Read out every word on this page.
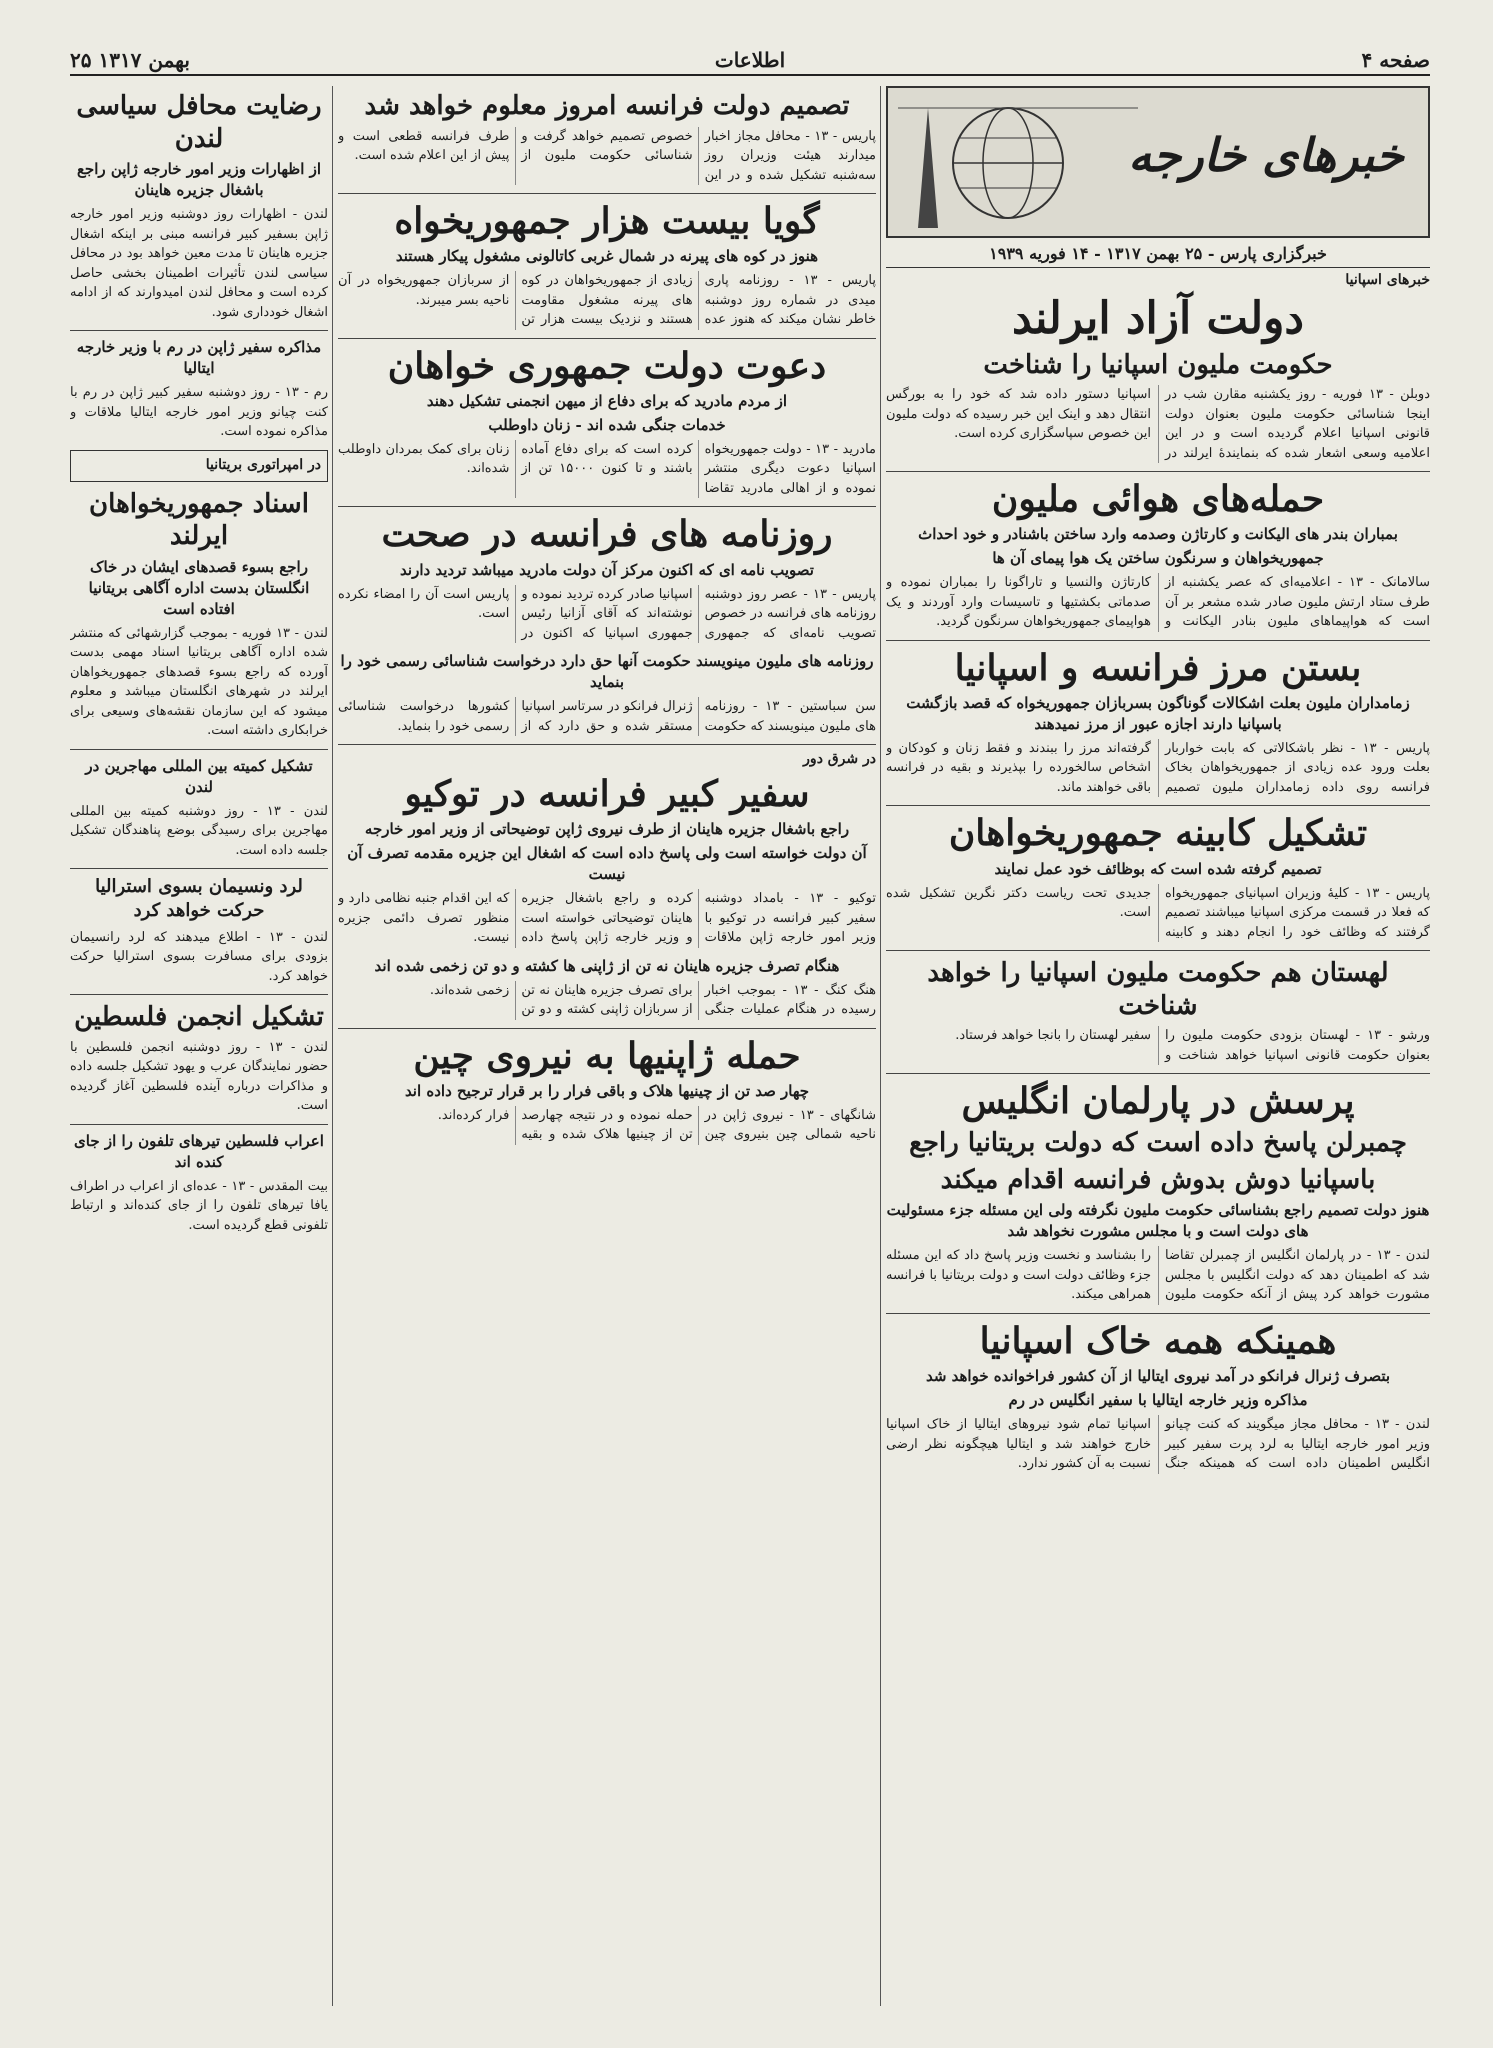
۲۵ بهمن ۱۳۱۷	اطلاعات	صفحه ۴
خبرهای خارجه
خبرگزاری پارس - ۲۵ بهمن ۱۳۱۷ - ۱۴ فوریه ۱۹۳۹
خبرهای اسپانیا
دولت آزاد ایرلند
حکومت ملیون اسپانیا را شناخت
دوبلن - ۱۳ فوریه - روز یکشنبه مقارن شب در اینجا شناسائی حکومت ملیون بعنوان دولت قانونی اسپانیا اعلام گردیده است و در این اعلامیه وسعی اشعار شده که بنمایندهٔ ایرلند در اسپانیا دستور داده شد که خود را به بورگس انتقال دهد و اینک این خبر رسیده که دولت ملیون این خصوص سپاسگزاری کرده است.
حمله‌های هوائی ملیون
بمباران بندر های الیکانت و کارتاژن وصدمه وارد ساختن باشنادر و خود احداث
جمهوریخواهان و سرنگون ساختن یک هوا پیمای آن ها
سالامانک - ۱۳ - اعلامیه‌ای که عصر یکشنبه از طرف ستاد ارتش ملیون صادر شده مشعر بر آن است که هواپیماهای ملیون بنادر الیکانت و کارتاژن والنسیا و تاراگونا را بمباران نموده و صدماتی بکشتیها و تاسیسات وارد آوردند و یک هواپیمای جمهوریخواهان سرنگون گردید.
بستن مرز فرانسه و اسپانیا
زمامداران ملیون بعلت اشکالات گوناگون بسربازان جمهوریخواه که قصد بازگشت باسپانیا دارند اجازه عبور از مرز نمیدهند
پاریس - ۱۳ - نظر باشکالاتی که بابت خواربار بعلت ورود عده زیادی از جمهوریخواهان بخاک فرانسه روی داده زمامداران ملیون تصمیم گرفته‌اند مرز را ببندند و فقط زنان و کودکان و اشخاص سالخورده را بپذیرند و بقیه در فرانسه باقی خواهند ماند.
تشکیل کابینه جمهوریخواهان
تصمیم گرفته شده است که بوظائف خود عمل نمایند
پاریس - ۱۳ - کلیهٔ وزیران اسپانیای جمهوریخواه که فعلا در قسمت مرکزی اسپانیا میباشند تصمیم گرفتند که وظائف خود را انجام دهند و کابینه جدیدی تحت ریاست دکتر نگرین تشکیل شده است.
لهستان هم حکومت ملیون اسپانیا را خواهد شناخت
ورشو - ۱۳ - لهستان بزودی حکومت ملیون را بعنوان حکومت قانونی اسپانیا خواهد شناخت و سفیر لهستان را بانجا خواهد فرستاد.
پرسش در پارلمان انگلیس
چمبرلن پاسخ داده است که دولت بریتانیا راجع
باسپانیا دوش بدوش فرانسه اقدام میکند
هنوز دولت تصمیم راجع بشناسائی حکومت ملیون نگرفته ولی این مسئله جزء مسئولیت های دولت است و با مجلس مشورت نخواهد شد
لندن - ۱۳ - در پارلمان انگلیس از چمبرلن تقاضا شد که اطمینان دهد که دولت انگلیس با مجلس مشورت خواهد کرد پیش از آنکه حکومت ملیون را بشناسد و نخست وزیر پاسخ داد که این مسئله جزء وظائف دولت است و دولت بریتانیا با فرانسه همراهی میکند.
همینکه همه خاک اسپانیا
بتصرف ژنرال فرانکو در آمد نیروی ایتالیا از آن کشور فراخوانده خواهد شد
مذاکره وزیر خارجه ایتالیا با سفیر انگلیس در رم
لندن - ۱۳ - محافل مجاز میگویند که کنت چیانو وزیر امور خارجه ایتالیا به لرد پرت سفیر کبیر انگلیس اطمینان داده است که همینکه جنگ اسپانیا تمام شود نیروهای ایتالیا از خاک اسپانیا خارج خواهند شد و ایتالیا هیچگونه نظر ارضی نسبت به آن کشور ندارد.
تصمیم دولت فرانسه امروز معلوم خواهد شد
پاریس - ۱۳ - محافل مجاز اخبار میدارند هیئت وزیران روز سه‌شنبه تشکیل شده و در این خصوص تصمیم خواهد گرفت و شناسائی حکومت ملیون از طرف فرانسه قطعی است و پیش از این اعلام شده است.
گویا بیست هزار جمهوریخواه
هنوز در کوه های پیرنه در شمال غربی کاتالونی مشغول پیکار هستند
پاریس - ۱۳ - روزنامه پاری میدی در شماره روز دوشنبه خاطر نشان میکند که هنوز عده زیادی از جمهوریخواهان در کوه های پیرنه مشغول مقاومت هستند و نزدیک بیست هزار تن از سربازان جمهوریخواه در آن ناحیه بسر میبرند.
دعوت دولت جمهوری خواهان
از مردم مادرید که برای دفاع از میهن انجمنی تشکیل دهند
خدمات جنگی شده اند - زنان داوطلب
مادرید - ۱۳ - دولت جمهوریخواه اسپانیا دعوت دیگری منتشر نموده و از اهالی مادرید تقاضا کرده است که برای دفاع آماده باشند و تا کنون ۱۵۰۰۰ تن از زنان برای کمک بمردان داوطلب شده‌اند.
روزنامه های فرانسه در صحت
تصویب نامه ای که اکنون مرکز آن دولت مادرید میباشد تردید دارند
پاریس - ۱۳ - عصر روز دوشنبه روزنامه های فرانسه در خصوص تصویب نامه‌ای که جمهوری اسپانیا صادر کرده تردید نموده و نوشته‌اند که آقای آزانیا رئیس جمهوری اسپانیا که اکنون در پاریس است آن را امضاء نکرده است.
روزنامه های ملیون مینویسند حکومت آنها حق دارد درخواست شناسائی رسمی خود را بنماید
سن سباستین - ۱۳ - روزنامه های ملیون مینویسند که حکومت ژنرال فرانکو در سرتاسر اسپانیا مستقر شده و حق دارد که از کشورها درخواست شناسائی رسمی خود را بنماید.
در شرق دور
سفیر کبیر فرانسه در توکیو
راجع باشغال جزیره هاینان از طرف نیروی ژاپن توضیحاتی از وزیر امور خارجه
آن دولت خواسته است ولی پاسخ داده است که اشغال این جزیره مقدمه تصرف آن نیست
توکیو - ۱۳ - بامداد دوشنبه سفیر کبیر فرانسه در توکیو با وزیر امور خارجه ژاپن ملاقات کرده و راجع باشغال جزیره هاینان توضیحاتی خواسته است و وزیر خارجه ژاپن پاسخ داده که این اقدام جنبه نظامی دارد و منظور تصرف دائمی جزیره نیست.
هنگام تصرف جزیره هاینان نه تن از ژاپنی ها کشته و دو تن زخمی شده اند
هنگ کنگ - ۱۳ - بموجب اخبار رسیده در هنگام عملیات جنگی برای تصرف جزیره هاینان نه تن از سربازان ژاپنی کشته و دو تن زخمی شده‌اند.
حمله ژاپنیها به نیروی چین
چهار صد تن از چینیها هلاک و باقی فرار را بر قرار ترجیح داده اند
شانگهای - ۱۳ - نیروی ژاپن در ناحیه شمالی چین بنیروی چین حمله نموده و در نتیجه چهارصد تن از چینیها هلاک شده و بقیه فرار کرده‌اند.
رضایت محافل سیاسی لندن
از اظهارات وزیر امور خارجه ژاپن راجع باشغال جزیره هاینان
لندن - اظهارات روز دوشنبه وزیر امور خارجه ژاپن بسفیر کبیر فرانسه مبنی بر اینکه اشغال جزیره هاینان تا مدت معین خواهد بود در محافل سیاسی لندن تأثیرات اطمینان بخشی حاصل کرده است و محافل لندن امیدوارند که از ادامه اشغال خودداری شود.
مذاکره سفیر ژاپن در رم با وزیر خارجه ایتالیا
رم - ۱۳ - روز دوشنبه سفیر کبیر ژاپن در رم با کنت چیانو وزیر امور خارجه ایتالیا ملاقات و مذاکره نموده است.
در امپراتوری بریتانیا
اسناد جمهوریخواهان ایرلند
راجع بسوء قصدهای ایشان در خاک انگلستان بدست اداره آگاهی بریتانیا افتاده است
لندن - ۱۳ فوریه - بموجب گزارشهائی که منتشر شده اداره آگاهی بریتانیا اسناد مهمی بدست آورده که راجع بسوء قصدهای جمهوریخواهان ایرلند در شهرهای انگلستان میباشد و معلوم میشود که این سازمان نقشه‌های وسیعی برای خرابکاری داشته است.
تشکیل کمیته بین المللی مهاجرین در لندن
لندن - ۱۳ - روز دوشنبه کمیته بین المللی مهاجرین برای رسیدگی بوضع پناهندگان تشکیل جلسه داده است.
لرد ونسیمان بسوی استرالیا حرکت خواهد کرد
لندن - ۱۳ - اطلاع میدهند که لرد رانسیمان بزودی برای مسافرت بسوی استرالیا حرکت خواهد کرد.
تشکیل انجمن فلسطین
لندن - ۱۳ - روز دوشنبه انجمن فلسطین با حضور نمایندگان عرب و یهود تشکیل جلسه داده و مذاکرات درباره آینده فلسطین آغاز گردیده است.
اعراب فلسطین تیرهای تلفون را از جای کنده اند
بیت المقدس - ۱۳ - عده‌ای از اعراب در اطراف یافا تیرهای تلفون را از جای کنده‌اند و ارتباط تلفونی قطع گردیده است.
